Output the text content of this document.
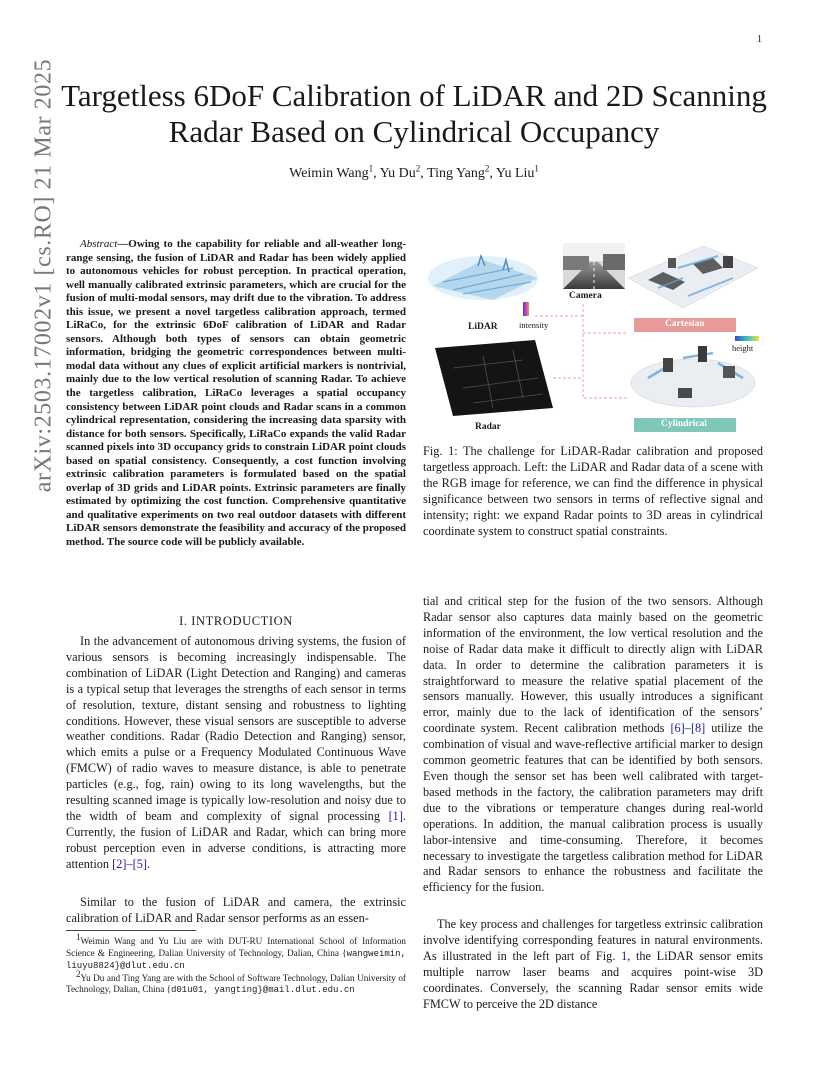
1
arXiv:2503.17002v1 [cs.RO] 21 Mar 2025 Targetless 6DoF Calibration of LiDAR and 2D Scanning Radar Based on Cylindrical Occupancy
Weimin Wang$^1$, Yu Du$^2$, Ting Yang$^2$, Yu Liu$^1$

Abstract—Owing to the capability for reliable and all-weather long-range sensing, the fusion of LiDAR and Radar has been widely applied to autonomous vehicles for robust perception. In practical operation, well manually calibrated extrinsic parameters, which are crucial for the fusion of multi-modal sensors, may drift due to the vibration. To address this issue, we present a novel targetless calibration approach, termed LiRaCo, for the extrinsic 6DoF calibration of LiDAR and Radar sensors. Although both types of sensors can obtain geometric information, bridging the geometric correspondences between multi-modal data without any clues of explicit artificial markers is nontrivial, mainly due to the low vertical resolution of scanning Radar. To achieve the targetless calibration, LiRaCo leverages a spatial occupancy consistency between LiDAR point clouds and Radar scans in a common cylindrical representation, considering the increasing data sparsity with distance for both sensors. Specifically, LiRaCo expands the valid Radar scanned pixels into 3D occupancy grids to constrain LiDAR point clouds based on spatial consistency. Consequently, a cost function involving extrinsic calibration parameters is formulated based on the spatial overlap of 3D grids and LiDAR points. Extrinsic parameters are finally estimated by optimizing the cost function. Comprehensive quantitative and qualitative experiments on two real outdoor datasets with different LiDAR sensors demonstrate the feasibility and accuracy of the proposed method. The source code will be publicly available.

I. INTRODUCTION

In the advancement of autonomous driving systems, the fusion of various sensors is becoming increasingly indispensable. The combination of LiDAR (Light Detection and Ranging) and cameras is a typical setup that leverages the strengths of each sensor in terms of resolution, texture, distant sensing and robustness to lighting conditions. However, these visual sensors are susceptible to adverse weather conditions. Radar (Radio Detection and Ranging) sensor, which emits a pulse or a Frequency Modulated Continuous Wave (FMCW) of radio waves to measure distance, is able to penetrate particles (e.g., fog, rain) owing to its long wavelengths, but the resulting scanned image is typically low-resolution and noisy due to the width of beam and complexity of signal processing [1]. Currently, the fusion of LiDAR and Radar, which can bring more robust perception even in adverse conditions, is attracting more attention [2]–[5].

Similar to the fusion of LiDAR and camera, the extrinsic calibration of LiDAR and Radar sensor performs as an essen-

$^1$Weimin Wang and Yu Liu are with DUT-RU International School of Information Science & Engineering, Dalian University of Technology, Dalian, China {wangweimin, liuyu8824}@dlut.edu.cn

$^2$Yu Du and Ting Yang are with the School of Software Technology, Dalian University of Technology, Dalian, China {d01u01, yangting}@mail.dlut.edu.cn

LiDAR	intensity
Camera
Radar
Cartesian
height
Cylindrical
Fig. 1: The challenge for LiDAR-Radar calibration and proposed targetless approach. Left: the LiDAR and Radar data of a scene with the RGB image for reference, we can find the difference in physical significance between two sensors in terms of reflective signal and intensity; right: we expand Radar points to 3D areas in cylindrical coordinate system to construct spatial constraints.

tial and critical step for the fusion of the two sensors. Although Radar sensor also captures data mainly based on the geometric information of the environment, the low vertical resolution and the noise of Radar data make it difficult to directly align with LiDAR data. In order to determine the calibration parameters it is straightforward to measure the relative spatial placement of the sensors manually. However, this usually introduces a significant error, mainly due to the lack of identification of the sensors’ coordinate system. Recent calibration methods [6]–[8] utilize the combination of visual and wave-reflective artificial marker to design common geometric features that can be identified by both sensors. Even though the sensor set has been well calibrated with target-based methods in the factory, the calibration parameters may drift due to the vibrations or temperature changes during real-world operations. In addition, the manual calibration process is usually labor-intensive and time-consuming. Therefore, it becomes necessary to investigate the targetless calibration method for LiDAR and Radar sensors to enhance the robustness and facilitate the efficiency for the fusion.

The key process and challenges for targetless extrinsic calibration involve identifying corresponding features in natural environments. As illustrated in the left part of Fig. 1, the LiDAR sensor emits multiple narrow laser beams and acquires point-wise 3D coordinates. Conversely, the scanning Radar sensor emits wide FMCW to perceive the 2D distance
